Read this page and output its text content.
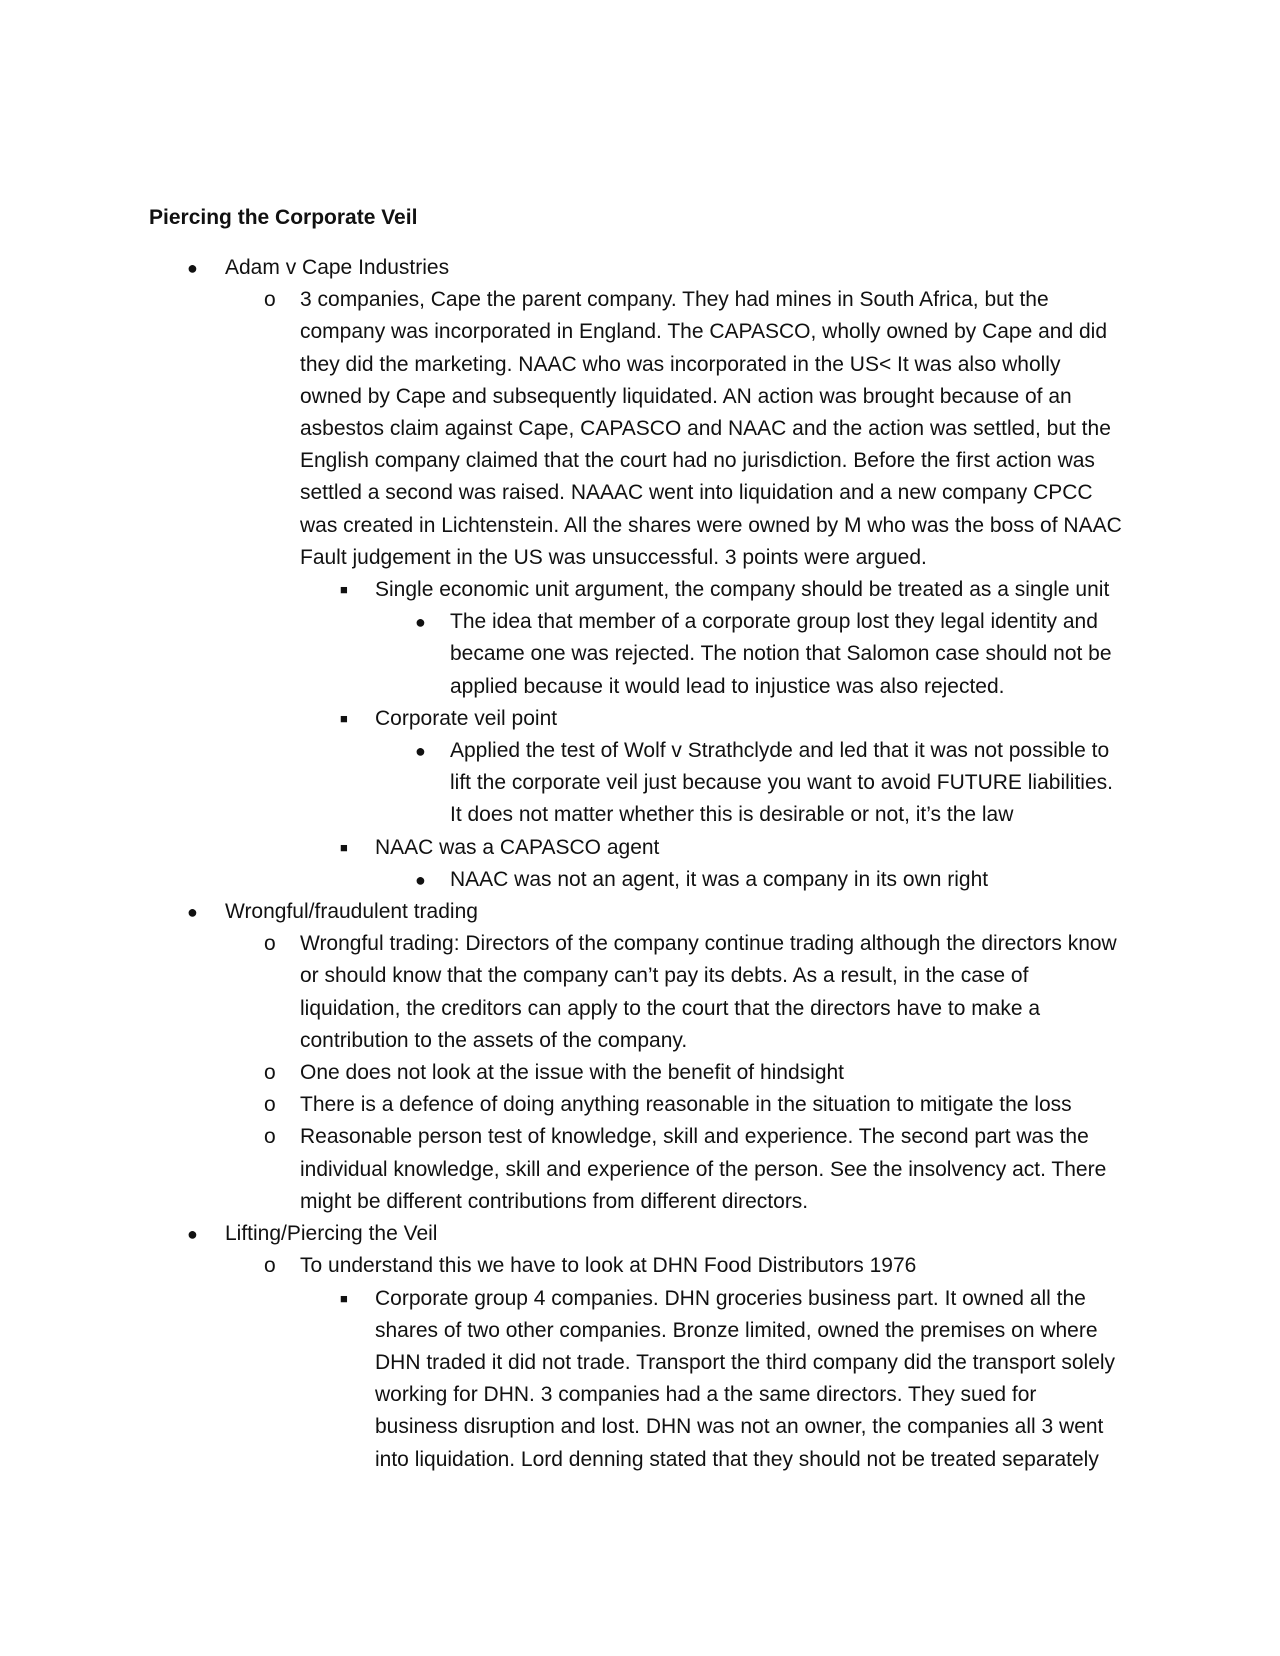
Piercing the Corporate Veil
● Adam v Cape Industries
o 3 companies, Cape the parent company. They had mines in South Africa, but the company was incorporated in England. The CAPASCO, wholly owned by Cape and did they did the marketing. NAAC who was incorporated in the US< It was also wholly owned by Cape and subsequently liquidated. AN action was brought because of an asbestos claim against Cape, CAPASCO and NAAC and the action was settled, but the English company claimed that the court had no jurisdiction. Before the first action was settled a second was raised. NAAAC went into liquidation and a new company CPCC was created in Lichtenstein. All the shares were owned by M who was the boss of NAAC Fault judgement in the US was unsuccessful. 3 points were argued.
■ Single economic unit argument, the company should be treated as a single unit
● The idea that member of a corporate group lost they legal identity and became one was rejected. The notion that Salomon case should not be applied because it would lead to injustice was also rejected.
■ Corporate veil point
● Applied the test of Wolf v Strathclyde and led that it was not possible to lift the corporate veil just because you want to avoid FUTURE liabilities. It does not matter whether this is desirable or not, it’s the law
■ NAAC was a CAPASCO agent
● NAAC was not an agent, it was a company in its own right
● Wrongful/fraudulent trading
o Wrongful trading: Directors of the company continue trading although the directors know or should know that the company can’t pay its debts. As a result, in the case of liquidation, the creditors can apply to the court that the directors have to make a contribution to the assets of the company.
o One does not look at the issue with the benefit of hindsight
o There is a defence of doing anything reasonable in the situation to mitigate the loss
o Reasonable person test of knowledge, skill and experience. The second part was the individual knowledge, skill and experience of the person. See the insolvency act. There might be different contributions from different directors.
● Lifting/Piercing the Veil
o To understand this we have to look at DHN Food Distributors 1976
■ Corporate group 4 companies. DHN groceries business part. It owned all the shares of two other companies. Bronze limited, owned the premises on where DHN traded it did not trade. Transport the third company did the transport solely working for DHN. 3 companies had a the same directors. They sued for business disruption and lost. DHN was not an owner, the companies all 3 went into liquidation. Lord denning stated that they should not be treated separately
